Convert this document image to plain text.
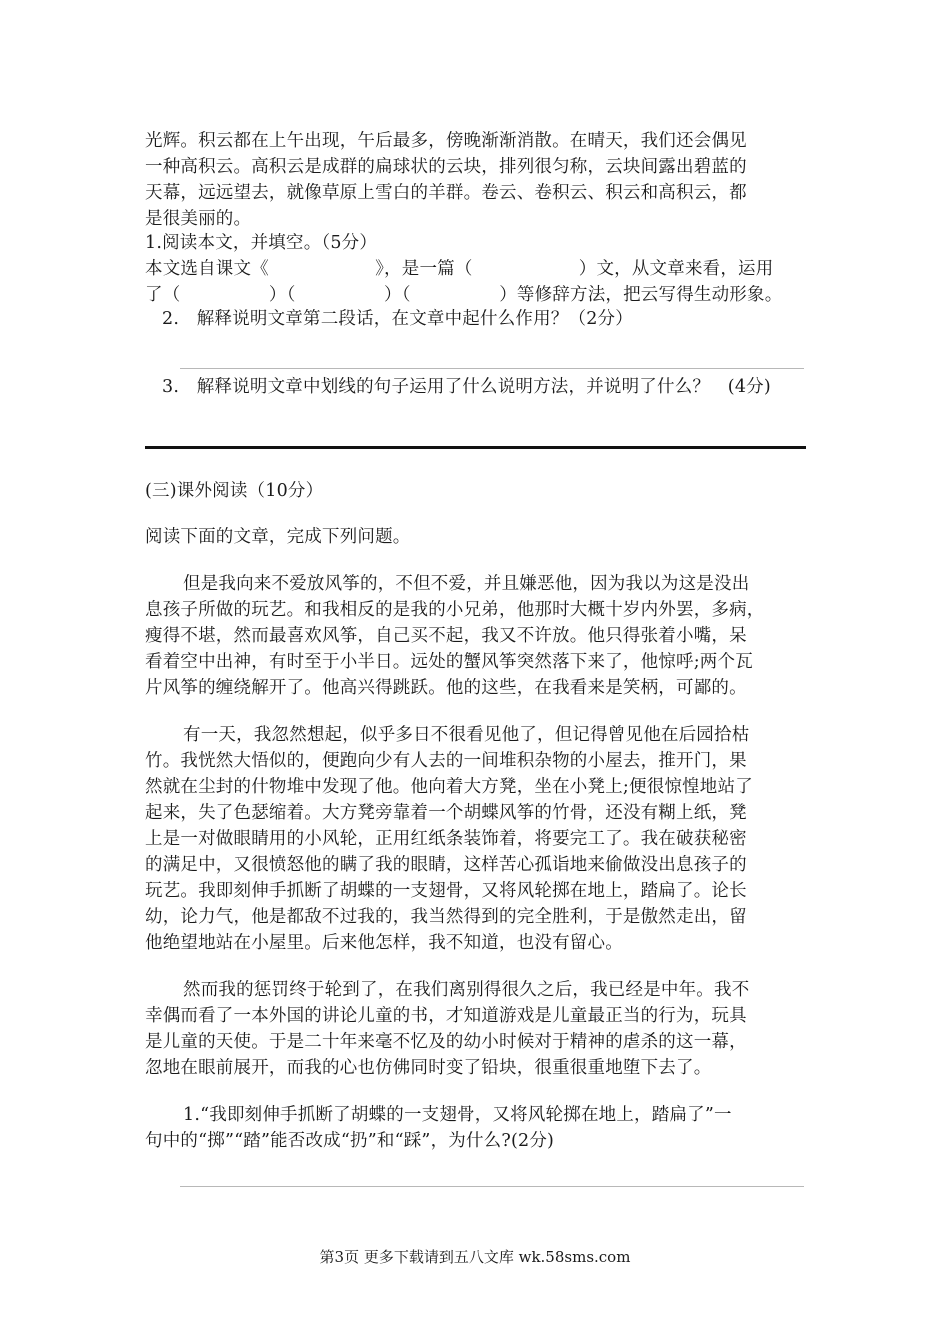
光辉。积云都在上午出现，午后最多，傍晚渐渐消散。在晴天，我们还会偶见
一种高积云。高积云是成群的扁球状的云块，排列很匀称，云块间露出碧蓝的
天幕，远远望去，就像草原上雪白的羊群。卷云、卷积云、积云和高积云，都
是很美丽的。
1.阅读本文，并填空。（5分）
本文选自课文《　　　　　　》，是一篇（　　　　　　）文，从文章来看，运用
了（　　　　　）（　　　　　）（　　　　　）等修辞方法，把云写得生动形象。
2.　解释说明文章第二段话，在文章中起什么作用？（2分）
3.　解释说明文章中划线的句子运用了什么说明方法，并说明了什么？　(4分)
(三)课外阅读（10分）
阅读下面的文章，完成下列问题。
但是我向来不爱放风筝的，不但不爱，并且嫌恶他，因为我以为这是没出
息孩子所做的玩艺。和我相反的是我的小兄弟，他那时大概十岁内外罢，多病，
瘦得不堪，然而最喜欢风筝，自己买不起，我又不许放。他只得张着小嘴，呆
看着空中出神，有时至于小半日。远处的蟹风筝突然落下来了，他惊呼;两个瓦
片风筝的缠绕解开了。他高兴得跳跃。他的这些，在我看来是笑柄，可鄙的。
有一天，我忽然想起，似乎多日不很看见他了，但记得曾见他在后园拾枯
竹。我恍然大悟似的，便跑向少有人去的一间堆积杂物的小屋去，推开门，果
然就在尘封的什物堆中发现了他。他向着大方凳，坐在小凳上;便很惊惶地站了
起来，失了色瑟缩着。大方凳旁靠着一个胡蝶风筝的竹骨，还没有糊上纸，凳
上是一对做眼睛用的小风轮，正用红纸条装饰着，将要完工了。我在破获秘密
的满足中，又很愤怒他的瞒了我的眼睛，这样苦心孤诣地来偷做没出息孩子的
玩艺。我即刻伸手抓断了胡蝶的一支翅骨，又将风轮掷在地上，踏扁了。论长
幼，论力气，他是都敌不过我的，我当然得到的完全胜利，于是傲然走出，留
他绝望地站在小屋里。后来他怎样，我不知道，也没有留心。
然而我的惩罚终于轮到了，在我们离别得很久之后，我已经是中年。我不
幸偶而看了一本外国的讲论儿童的书，才知道游戏是儿童最正当的行为，玩具
是儿童的天使。于是二十年来毫不忆及的幼小时候对于精神的虐杀的这一幕，
忽地在眼前展开，而我的心也仿佛同时变了铅块，很重很重地堕下去了。
1.“我即刻伸手抓断了胡蝶的一支翅骨，又将风轮掷在地上，踏扁了”一
句中的“掷”“踏”能否改成“扔”和“踩”，为什么?(2分)
第3页 更多下载请到五八文库 wk.58sms.com
